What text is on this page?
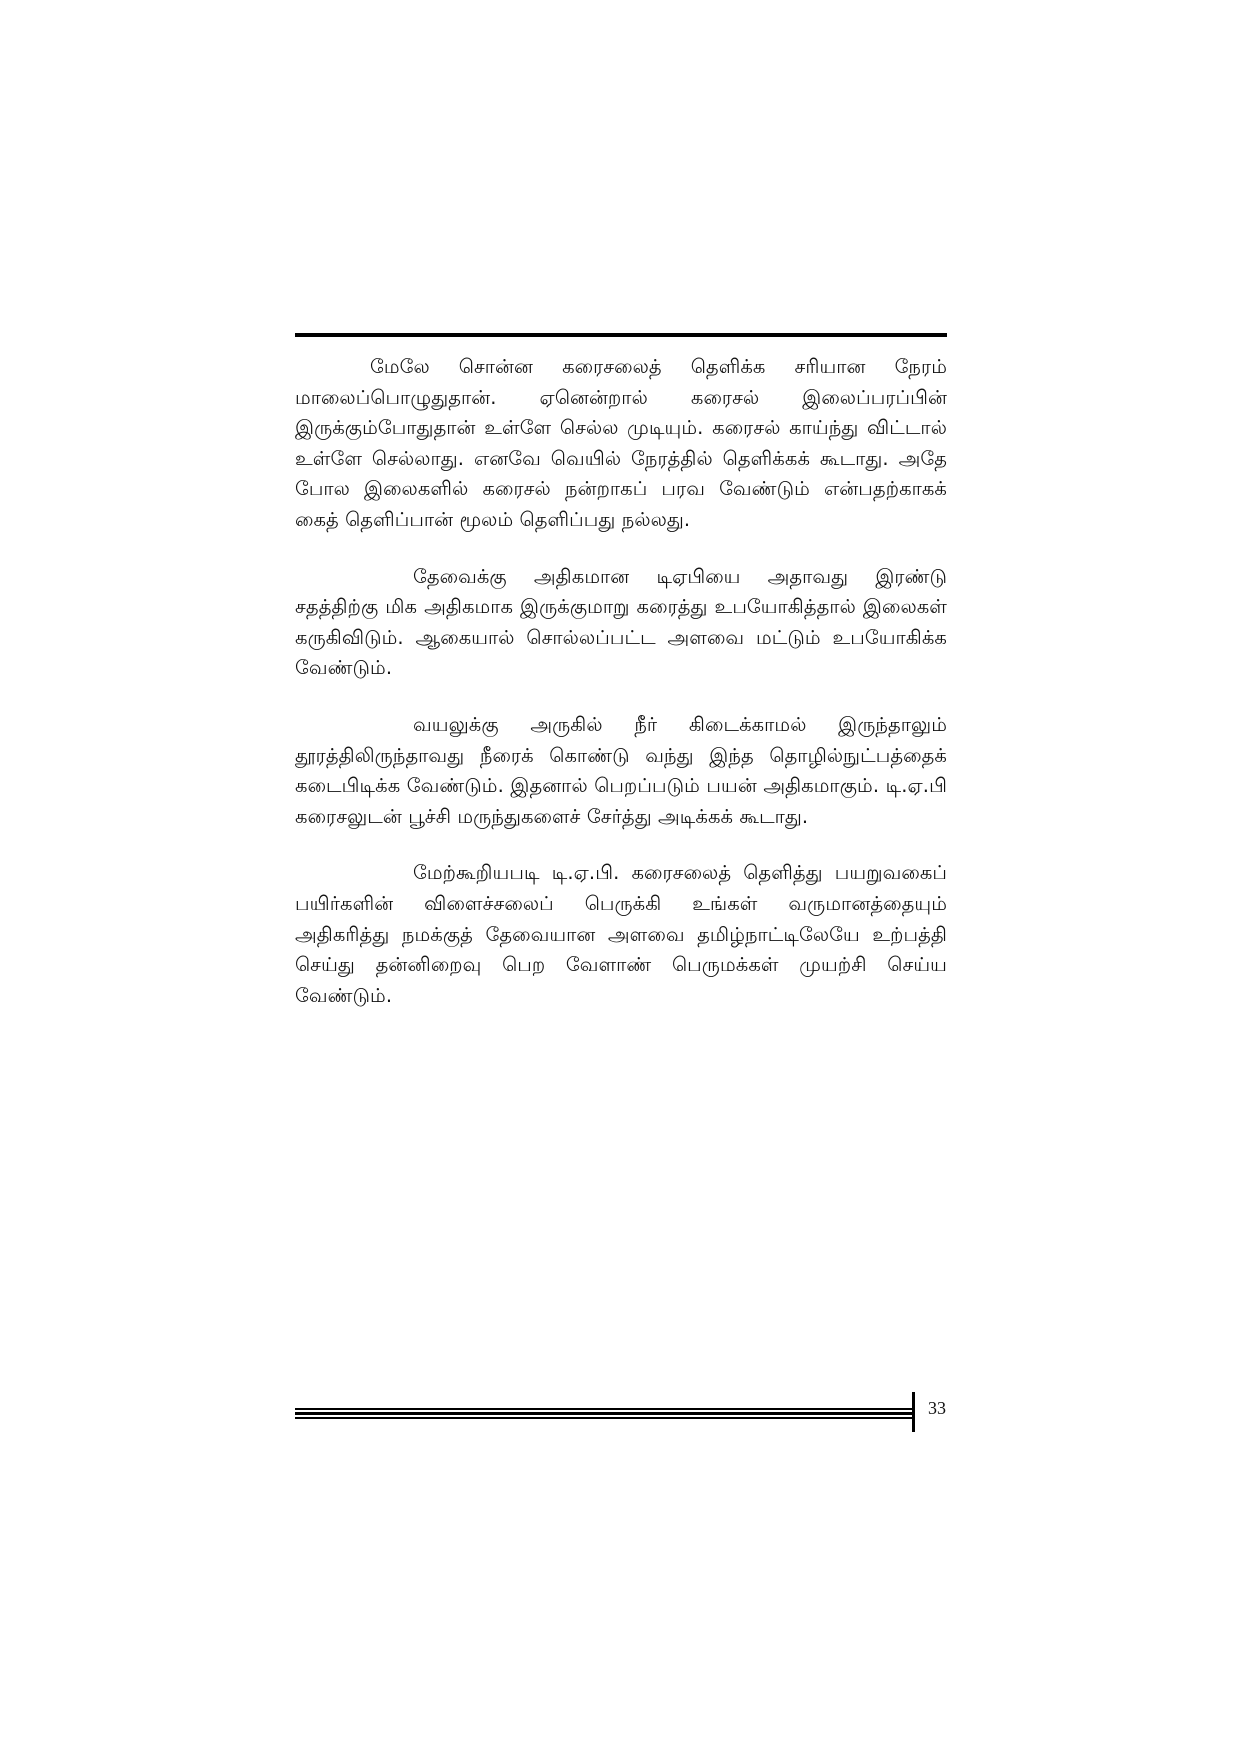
மேலே சொன்ன கரைசலைத் தெளிக்க சரியான நேரம் மாலைப்பொழுதுதான். ஏனென்றால் கரைசல் இலைப்பரப்பின் இருக்கும்போதுதான் உள்ளே செல்ல முடியும். கரைசல் காய்ந்து விட்டால் உள்ளே செல்லாது. எனவே வெயில் நேரத்தில் தெளிக்கக் கூடாது. அதே போல இலைகளில் கரைசல் நன்றாகப் பரவ வேண்டும் என்பதற்காகக் கைத் தெளிப்பான் மூலம் தெளிப்பது நல்லது.

தேவைக்கு அதிகமான டிஏபியை அதாவது இரண்டு சதத்திற்கு மிக அதிகமாக இருக்குமாறு கரைத்து உபயோகித்தால் இலைகள் கருகிவிடும். ஆகையால் சொல்லப்பட்ட அளவை மட்டும் உபயோகிக்க வேண்டும்.

வயலுக்கு அருகில் நீர் கிடைக்காமல் இருந்தாலும் தூரத்திலிருந்தாவது நீரைக் கொண்டு வந்து இந்த தொழில்நுட்பத்தைக் கடைபிடிக்க வேண்டும். இதனால் பெறப்படும் பயன் அதிகமாகும். டி.ஏ.பி கரைசலுடன் பூச்சி மருந்துகளைச் சேர்த்து அடிக்கக் கூடாது.

மேற்கூறியபடி டி.ஏ.பி. கரைசலைத் தெளித்து பயறுவகைப் பயிர்களின் விளைச்சலைப் பெருக்கி உங்கள் வருமானத்தையும் அதிகரித்து நமக்குத் தேவையான அளவை தமிழ்நாட்டிலேயே உற்பத்தி செய்து தன்னிறைவு பெற வேளாண் பெருமக்கள் முயற்சி செய்ய வேண்டும்.

33
